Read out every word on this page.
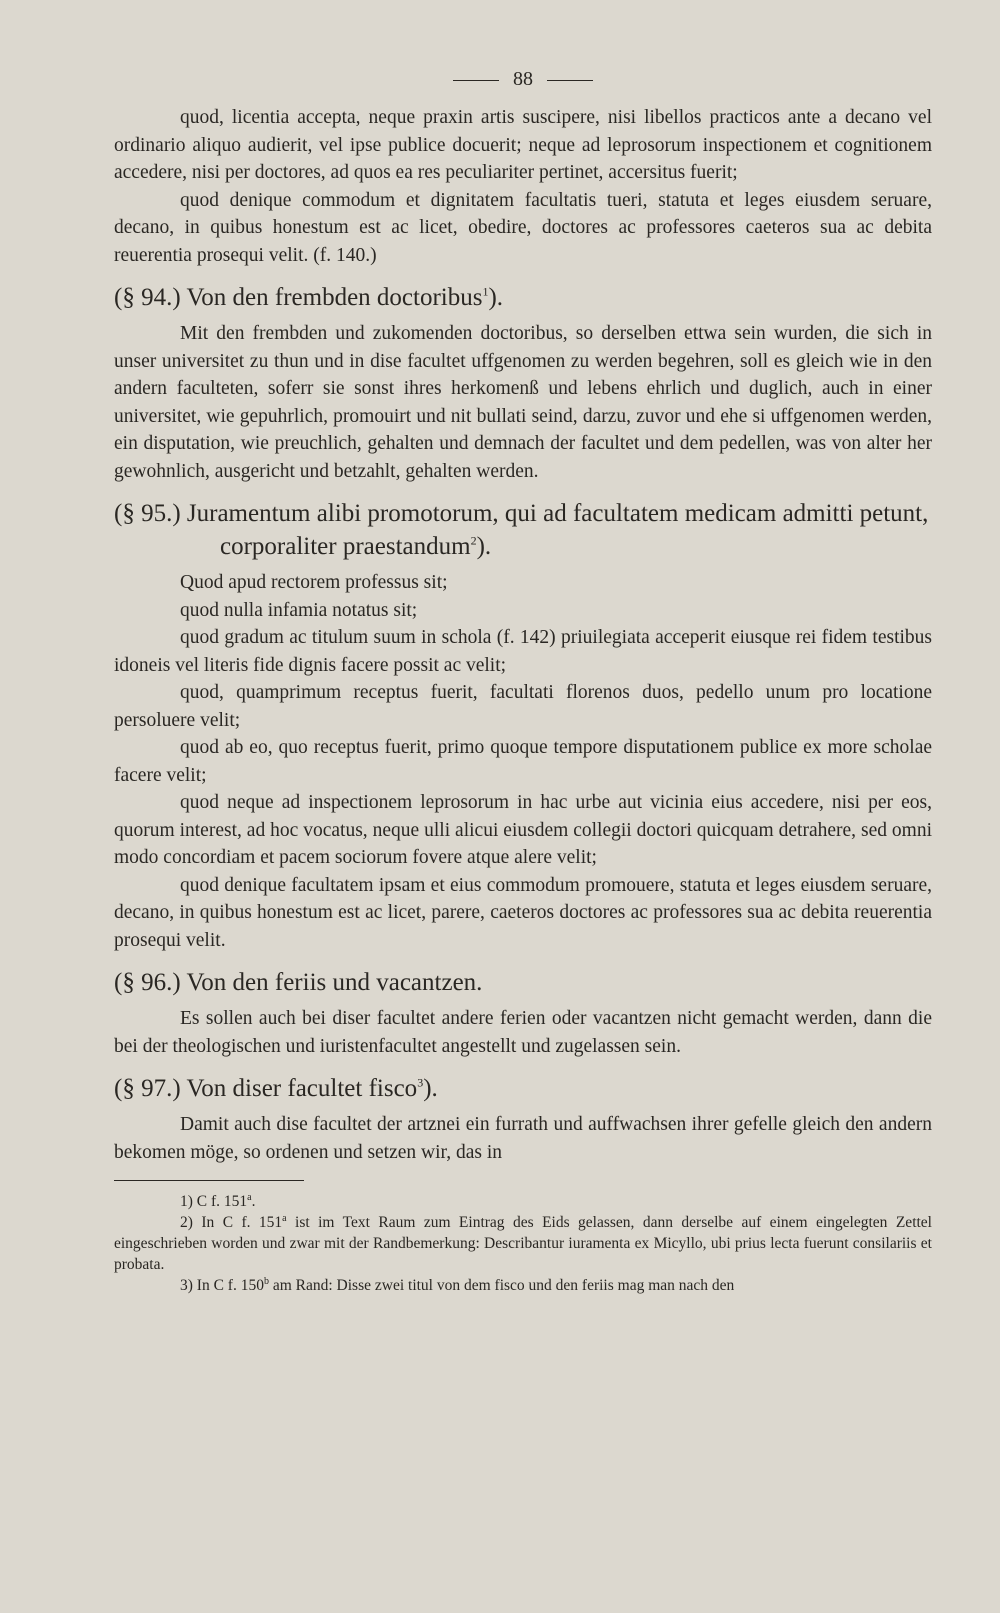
88

quod, licentia accepta, neque praxin artis suscipere, nisi libellos practicos ante a decano vel ordinario aliquo audierit, vel ipse publice docuerit; neque ad leprosorum inspectionem et cognitionem accedere, nisi per doctores, ad quos ea res peculiariter pertinet, accersitus fuerit;

quod denique commodum et dignitatem facultatis tueri, statuta et leges eiusdem seruare, decano, in quibus honestum est ac licet, obedire, doctores ac professores caeteros sua ac debita reuerentia prosequi velit. (f. 140.)

(§ 94.) Von den frembden doctoribus$^1$).

Mit den frembden und zukomenden doctoribus, so derselben ettwa sein wurden, die sich in unser universitet zu thun und in dise facultet uffgenomen zu werden begehren, soll es gleich wie in den andern faculteten, soferr sie sonst ihres herkomenß und lebens ehrlich und duglich, auch in einer universitet, wie gepuhrlich, promouirt und nit bullati seind, darzu, zuvor und ehe si uffgenomen werden, ein disputation, wie preuchlich, gehalten und demnach der facultet und dem pedellen, was von alter her gewohnlich, ausgericht und betzahlt, gehalten werden.

(§ 95.) Juramentum alibi promotorum, qui ad facultatem medicam admitti petunt, corporaliter praestandum$^2$).

Quod apud rectorem professus sit;

quod nulla infamia notatus sit;

quod gradum ac titulum suum in schola (f. 142) priuilegiata acceperit eiusque rei fidem testibus idoneis vel literis fide dignis facere possit ac velit;

quod, quamprimum receptus fuerit, facultati florenos duos, pedello unum pro locatione persoluere velit;

quod ab eo, quo receptus fuerit, primo quoque tempore disputationem publice ex more scholae facere velit;

quod neque ad inspectionem leprosorum in hac urbe aut vicinia eius accedere, nisi per eos, quorum interest, ad hoc vocatus, neque ulli alicui eiusdem collegii doctori quicquam detrahere, sed omni modo concordiam et pacem sociorum fovere atque alere velit;

quod denique facultatem ipsam et eius commodum promouere, statuta et leges eiusdem seruare, decano, in quibus honestum est ac licet, parere, caeteros doctores ac professores sua ac debita reuerentia prosequi velit.

(§ 96.) Von den feriis und vacantzen.

Es sollen auch bei diser facultet andere ferien oder vacantzen nicht gemacht werden, dann die bei der theologischen und iuristenfacultet angestellt und zugelassen sein.

(§ 97.) Von diser facultet fisco$^3$).

Damit auch dise facultet der artznei ein furrath und auffwachsen ihrer gefelle gleich den andern bekomen möge, so ordenen und setzen wir, das in

1) C f. 151$^a$.

2) In C f. 151$^a$ ist im Text Raum zum Eintrag des Eids gelassen, dann derselbe auf einem eingelegten Zettel eingeschrieben worden und zwar mit der Randbemerkung: Describantur iuramenta ex Micyllo, ubi prius lecta fuerunt consilariis et probata.

3) In C f. 150$^b$ am Rand: Disse zwei titul von dem fisco und den feriis mag man nach den
